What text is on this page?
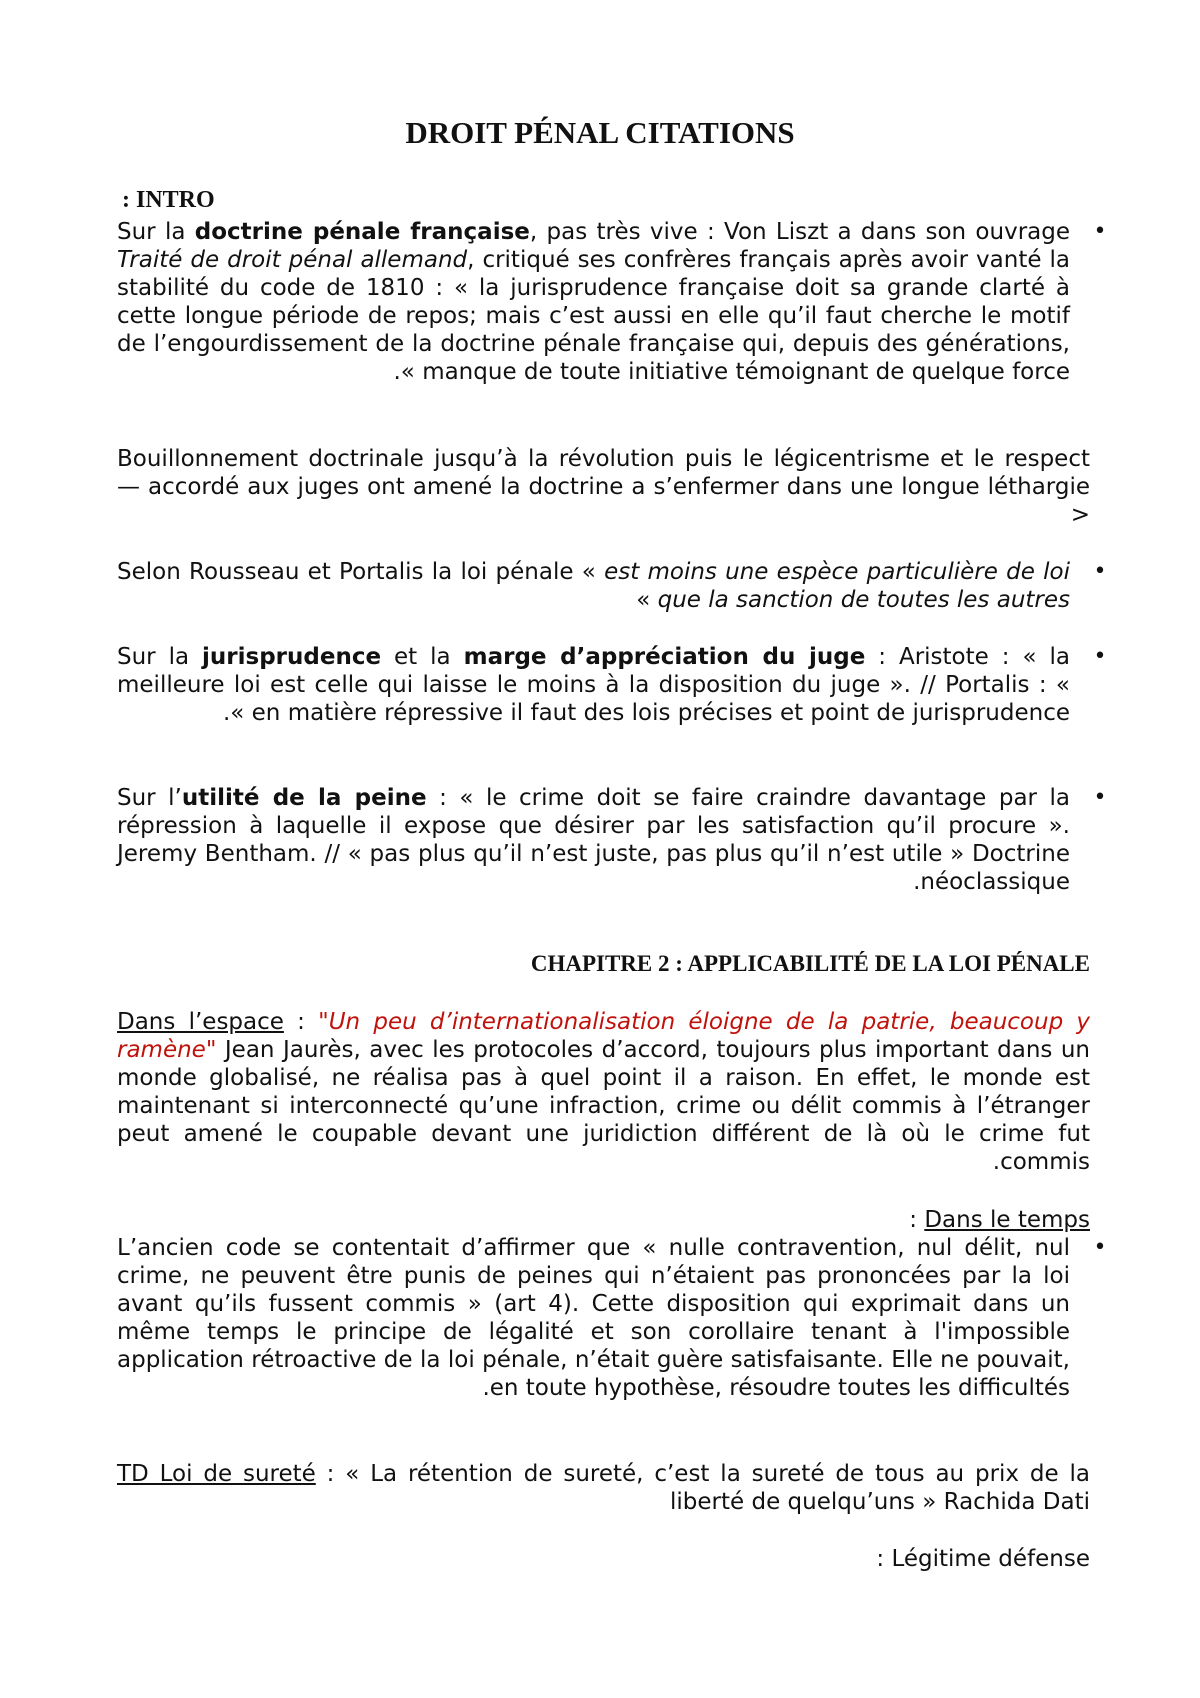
DROIT PÉNAL CITATIONS
: INTRO
Sur la doctrine pénale française, pas très vive : Von Liszt a dans son ouvrage Traité de droit pénal allemand, critiqué ses confrères français après avoir vanté la stabilité du code de 1810 : « la jurisprudence française doit sa grande clarté à cette longue période de repos; mais c’est aussi en elle qu’il faut cherche le motif de l’engourdissement de la doctrine pénale française qui, depuis des générations, manque de toute initiative témoignant de quelque force ».
•
Bouillonnement doctrinale jusqu’à la révolution puis le légicentrisme et le respect accordé aux juges ont amené la doctrine a s’enfermer dans une longue léthargie —>
Selon Rousseau et Portalis la loi pénale « est moins une espèce particulière de loi que la sanction de toutes les autres »
•
Sur la jurisprudence et la marge d’appréciation du juge : Aristote : « la meilleure loi est celle qui laisse le moins à la disposition du juge ». // Portalis : « en matière répressive il faut des lois précises et point de jurisprudence ».
•
Sur l’utilité de la peine : « le crime doit se faire craindre davantage par la répression à laquelle il expose que désirer par les satisfaction qu’il procure ». Jeremy Bentham. // « pas plus qu’il n’est juste, pas plus qu’il n’est utile » Doctrine néoclassique.
•
CHAPITRE 2 : APPLICABILITÉ DE LA LOI PÉNALE
Dans l’espace : "Un peu d’internationalisation éloigne de la patrie, beaucoup y ramène" Jean Jaurès, avec les protocoles d’accord, toujours plus important dans un monde globalisé, ne réalisa pas à quel point il a raison. En effet, le monde est maintenant si interconnecté qu’une infraction, crime ou délit commis à l’étranger peut amené le coupable devant une juridiction différent de là où le crime fut commis.
Dans le temps :
L’ancien code se contentait d’affirmer que « nulle contravention, nul délit, nul crime, ne peuvent être punis de peines qui n’étaient pas prononcées par la loi avant qu’ils fussent commis » (art 4). Cette disposition qui exprimait dans un même temps le principe de légalité et son corollaire tenant à l'impossible application rétroactive de la loi pénale, n’était guère satisfaisante. Elle ne pouvait, en toute hypothèse, résoudre toutes les difficultés.
•
TD Loi de sureté : « La rétention de sureté, c’est la sureté de tous au prix de la liberté de quelqu’uns » Rachida Dati
: Légitime défense
